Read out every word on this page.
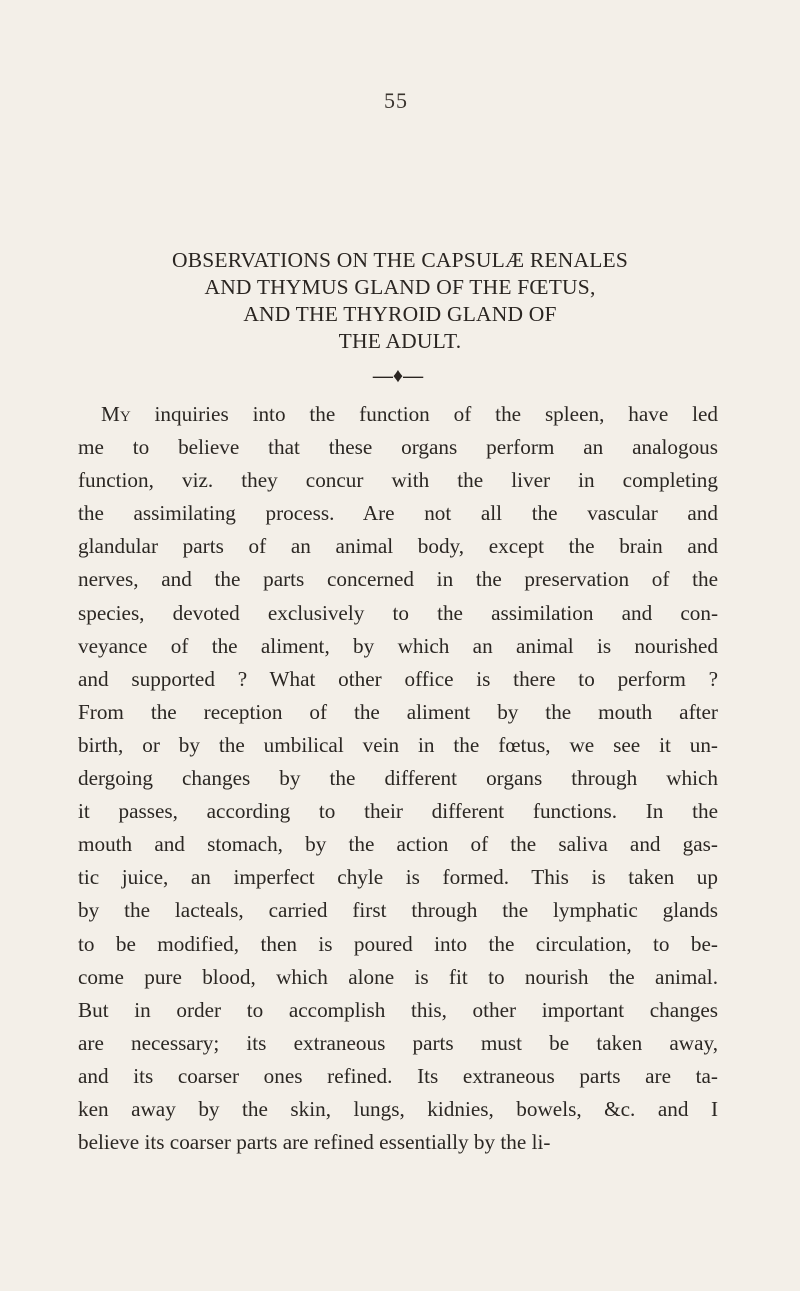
55
OBSERVATIONS ON THE CAPSULÆ RENALES
AND THYMUS GLAND OF THE FŒTUS,
AND THE THYROID GLAND OF
THE ADULT.
—♦—
My inquiries into the function of the spleen, have led
me to believe that these organs perform an analogous
function, viz. they concur with the liver in completing
the assimilating process. Are not all the vascular and
glandular parts of an animal body, except the brain and
nerves, and the parts concerned in the preservation of the
species, devoted exclusively to the assimilation and con-
veyance of the aliment, by which an animal is nourished
and supported ? What other office is there to perform ?
From the reception of the aliment by the mouth after
birth, or by the umbilical vein in the fœtus, we see it un-
dergoing changes by the different organs through which
it passes, according to their different functions. In the
mouth and stomach, by the action of the saliva and gas-
tic juice, an imperfect chyle is formed. This is taken up
by the lacteals, carried first through the lymphatic glands
to be modified, then is poured into the circulation, to be-
come pure blood, which alone is fit to nourish the animal.
But in order to accomplish this, other important changes
are necessary; its extraneous parts must be taken away,
and its coarser ones refined. Its extraneous parts are ta-
ken away by the skin, lungs, kidnies, bowels, &c. and I
believe its coarser parts are refined essentially by the li-
